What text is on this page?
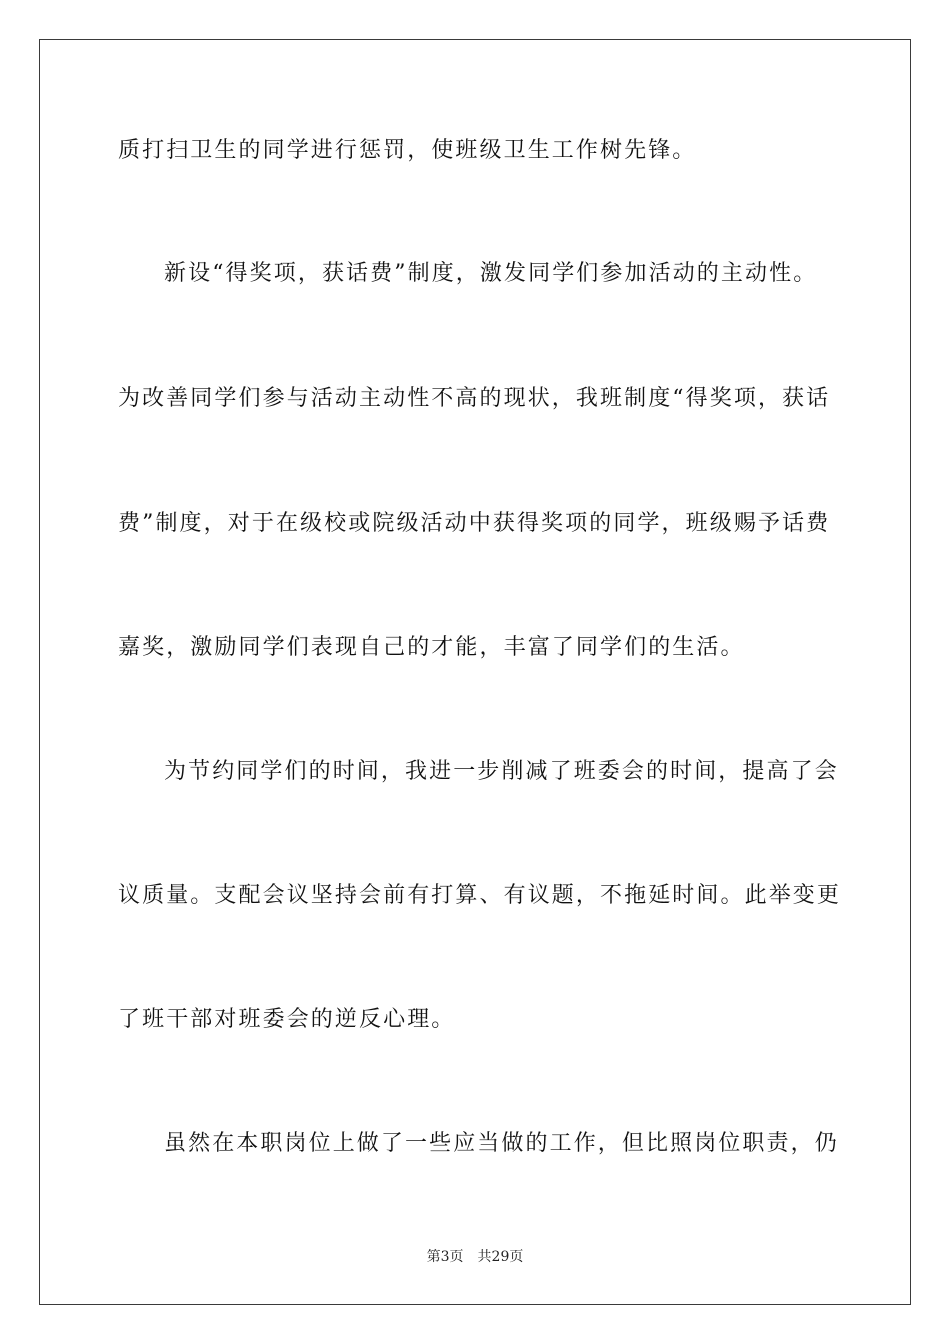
质打扫卫生的同学进行惩罚，使班级卫生工作树先锋。
新设“得奖项，获话费”制度，激发同学们参加活动的主动性。
为改善同学们参与活动主动性不高的现状，我班制度“得奖项，获话
费”制度，对于在级校或院级活动中获得奖项的同学，班级赐予话费
嘉奖，激励同学们表现自己的才能，丰富了同学们的生活。
为节约同学们的时间，我进一步削减了班委会的时间，提高了会
议质量。支配会议坚持会前有打算、有议题，不拖延时间。此举变更
了班干部对班委会的逆反心理。
虽然在本职岗位上做了一些应当做的工作，但比照岗位职责，仍
第3页 共29页
